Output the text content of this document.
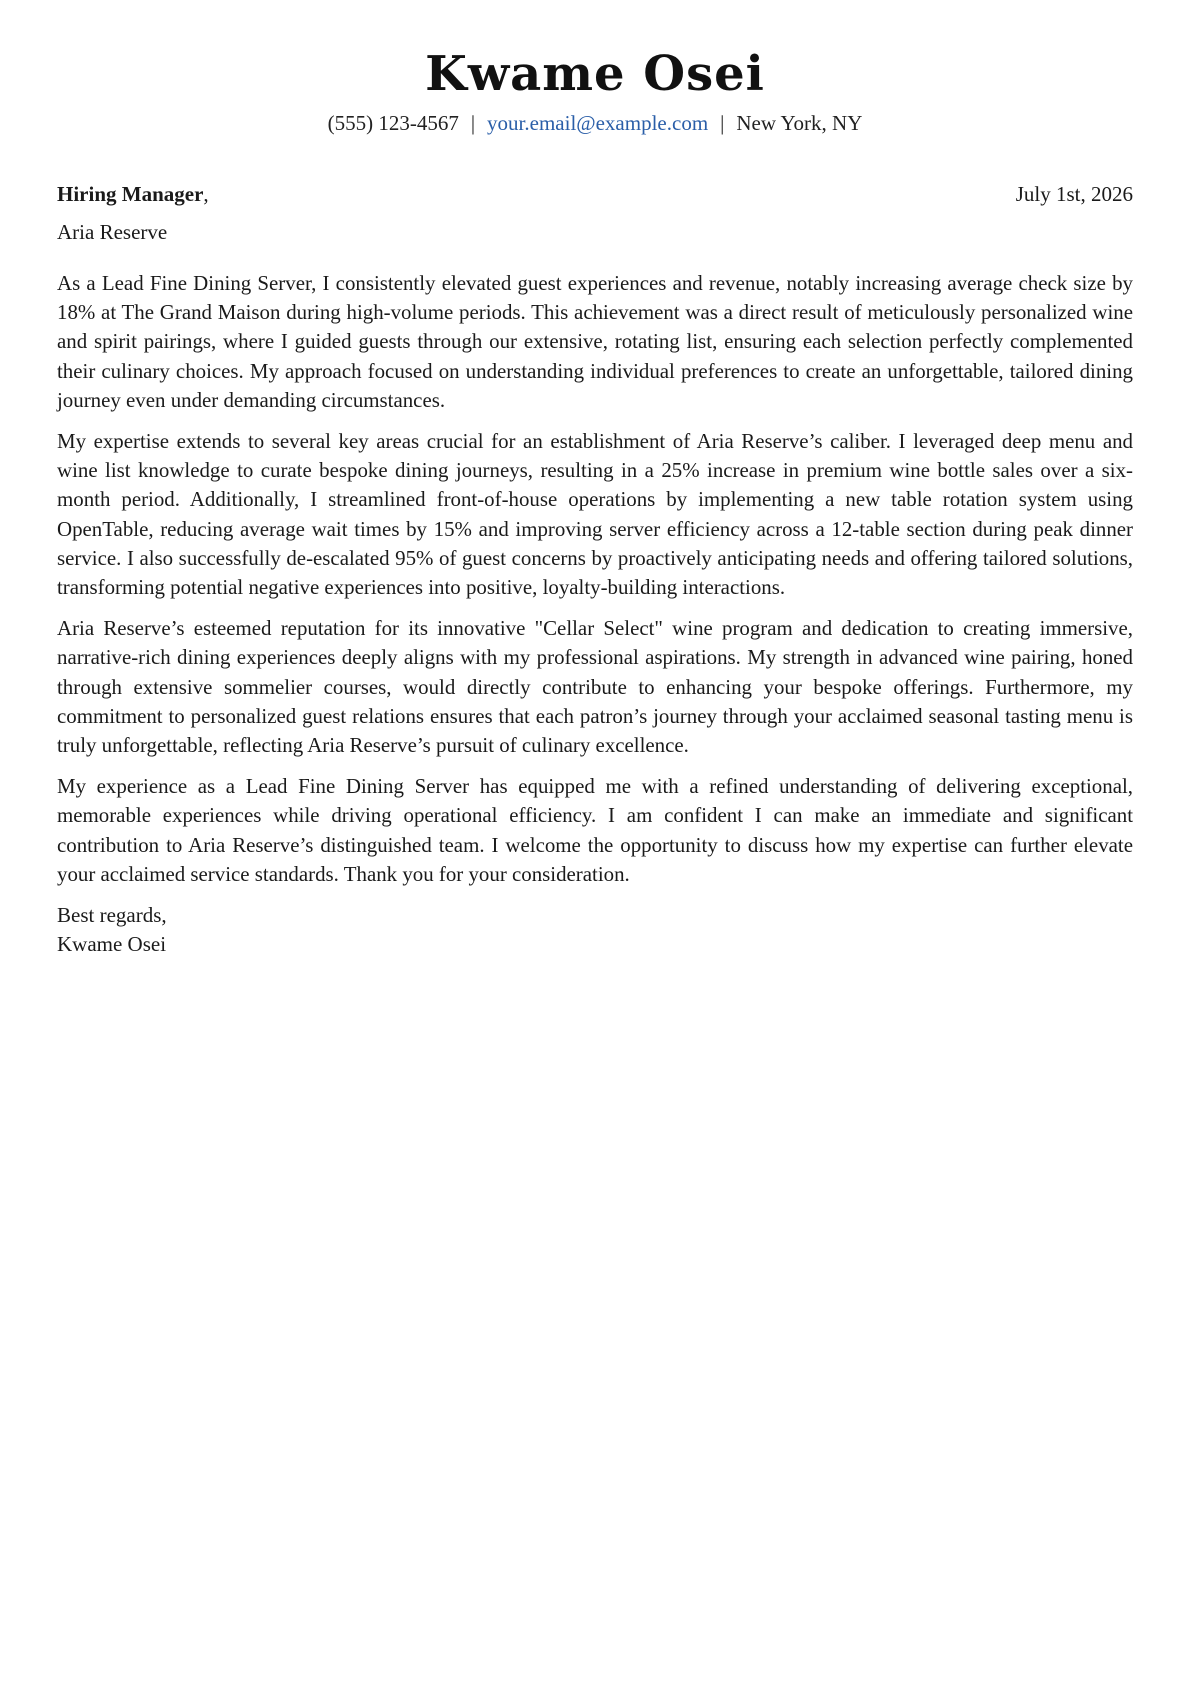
Kwame Osei
(555) 123-4567 | your.email@example.com | New York, NY
Hiring Manager,	July 1st, 2026
Aria Reserve

As a Lead Fine Dining Server, I consistently elevated guest experiences and revenue, notably increasing average check size by 18% at The Grand Maison during high-volume periods. This achievement was a direct result of meticulously personalized wine and spirit pairings, where I guided guests through our extensive, rotating list, ensuring each selection perfectly complemented their culinary choices. My approach focused on understanding individual preferences to create an unforgettable, tailored dining journey even under demanding circumstances.

My expertise extends to several key areas crucial for an establishment of Aria Reserve’s caliber. I leveraged deep menu and wine list knowledge to curate bespoke dining journeys, resulting in a 25% increase in premium wine bottle sales over a six-month period. Additionally, I streamlined front-of-house operations by implementing a new table rotation system using OpenTable, reducing average wait times by 15% and improving server efficiency across a 12-table section during peak dinner service. I also successfully de-escalated 95% of guest concerns by proactively anticipating needs and offering tailored solutions, transforming potential negative experiences into positive, loyalty-building interactions.

Aria Reserve’s esteemed reputation for its innovative "Cellar Select" wine program and dedication to creating immersive, narrative-rich dining experiences deeply aligns with my professional aspirations. My strength in advanced wine pairing, honed through extensive sommelier courses, would directly contribute to enhancing your bespoke offerings. Furthermore, my commitment to personalized guest relations ensures that each patron’s journey through your acclaimed seasonal tasting menu is truly unforgettable, reflecting Aria Reserve’s pursuit of culinary excellence.

My experience as a Lead Fine Dining Server has equipped me with a refined understanding of delivering exceptional, memorable experiences while driving operational efficiency. I am confident I can make an immediate and significant contribution to Aria Reserve’s distinguished team. I welcome the opportunity to discuss how my expertise can further elevate your acclaimed service standards. Thank you for your consideration.

Best regards,
Kwame Osei
